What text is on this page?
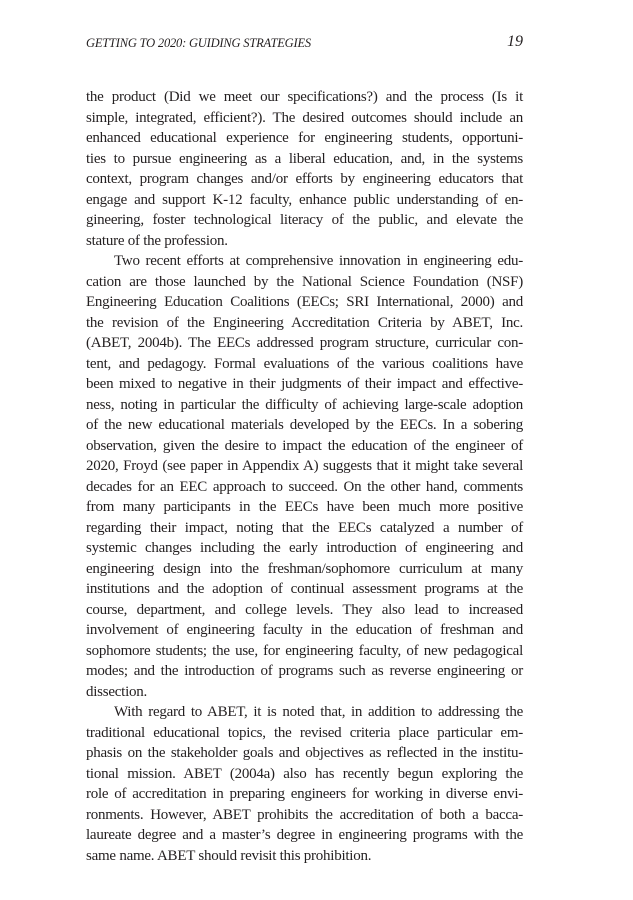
GETTING TO 2020: GUIDING STRATEGIES	19
the product (Did we meet our specifications?) and the process (Is it
simple, integrated, efficient?). The desired outcomes should include an
enhanced educational experience for engineering students, opportuni-
ties to pursue engineering as a liberal education, and, in the systems
context, program changes and/or efforts by engineering educators that
engage and support K-12 faculty, enhance public understanding of en-
gineering, foster technological literacy of the public, and elevate the
stature of the profession.
Two recent efforts at comprehensive innovation in engineering edu-
cation are those launched by the National Science Foundation (NSF)
Engineering Education Coalitions (EECs; SRI International, 2000) and
the revision of the Engineering Accreditation Criteria by ABET, Inc.
(ABET, 2004b). The EECs addressed program structure, curricular con-
tent, and pedagogy. Formal evaluations of the various coalitions have
been mixed to negative in their judgments of their impact and effective-
ness, noting in particular the difficulty of achieving large-scale adoption
of the new educational materials developed by the EECs. In a sobering
observation, given the desire to impact the education of the engineer of
2020, Froyd (see paper in Appendix A) suggests that it might take several
decades for an EEC approach to succeed. On the other hand, comments
from many participants in the EECs have been much more positive
regarding their impact, noting that the EECs catalyzed a number of
systemic changes including the early introduction of engineering and
engineering design into the freshman/sophomore curriculum at many
institutions and the adoption of continual assessment programs at the
course, department, and college levels. They also lead to increased
involvement of engineering faculty in the education of freshman and
sophomore students; the use, for engineering faculty, of new pedagogical
modes; and the introduction of programs such as reverse engineering or
dissection.
With regard to ABET, it is noted that, in addition to addressing the
traditional educational topics, the revised criteria place particular em-
phasis on the stakeholder goals and objectives as reflected in the institu-
tional mission. ABET (2004a) also has recently begun exploring the
role of accreditation in preparing engineers for working in diverse envi-
ronments. However, ABET prohibits the accreditation of both a bacca-
laureate degree and a master’s degree in engineering programs with the
same name. ABET should revisit this prohibition.
